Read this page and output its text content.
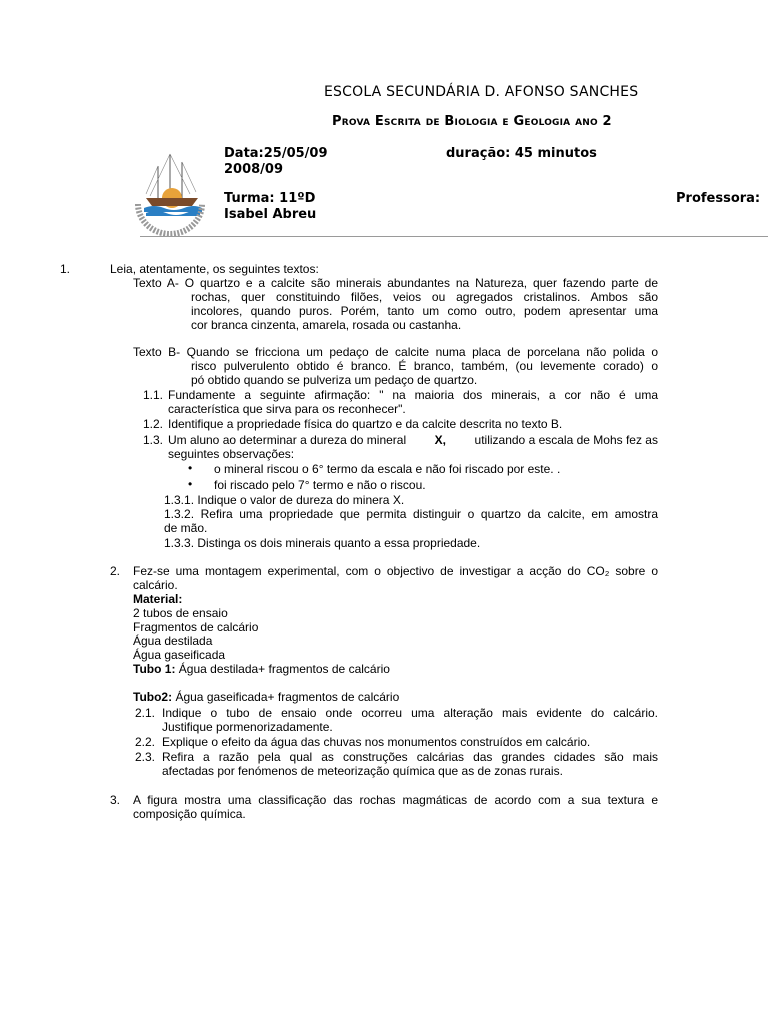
ESCOLA SECUNDÁRIA D. AFONSO SANCHES
Prova Escrita de Biologia e Geologia ano 2
Data:25/05/09	duração: 45 minutos
2008/09
Turma: 11ºD	Professora:
Isabel Abreu
1.	Leia, atentamente, os seguintes textos:
Texto A- O quartzo e a calcite são minerais abundantes na Natureza, quer fazendo parte de
rochas, quer constituindo filões, veios ou agregados cristalinos. Ambos são
incolores, quando puros. Porém, tanto um como outro, podem apresentar uma
cor branca cinzenta, amarela, rosada ou castanha.
Texto B- Quando se fricciona um pedaço de calcite numa placa de porcelana não polida o
risco pulverulento obtido é branco. É branco, também, (ou levemente corado) o
pó obtido quando se pulveriza um pedaço de quartzo.
1.1. Fundamente a seguinte afirmação: " na maioria dos minerais, a cor não é uma
característica que sirva para os reconhecer".
1.2. Identifique a propriedade física do quartzo e da calcite descrita no texto B.
1.3. Um aluno ao determinar a dureza do mineral X, utilizando a escala de Mohs fez as
seguintes observações:
• o mineral riscou o 6° termo da escala e não foi riscado por este. .
• foi riscado pelo 7° termo e não o riscou.
1.3.1. Indique o valor de dureza do minera X.
1.3.2. Refira uma propriedade que permita distinguir o quartzo da calcite, em amostra
de mão.
1.3.3. Distinga os dois minerais quanto a essa propriedade.
2. Fez-se uma montagem experimental, com o objectivo de investigar a acção do CO₂ sobre o
calcário.
Material:
2 tubos de ensaio
Fragmentos de calcário
Água destilada
Água gaseificada
Tubo 1: Água destilada+ fragmentos de calcário
Tubo2: Água gaseificada+ fragmentos de calcário
2.1. Indique o tubo de ensaio onde ocorreu uma alteração mais evidente do calcário.
Justifique pormenorizadamente.
2.2. Explique o efeito da água das chuvas nos monumentos construídos em calcário.
2.3. Refira a razão pela qual as construções calcárias das grandes cidades são mais
afectadas por fenómenos de meteorização química que as de zonas rurais.
3. A figura mostra uma classificação das rochas magmáticas de acordo com a sua textura e
composição química.
